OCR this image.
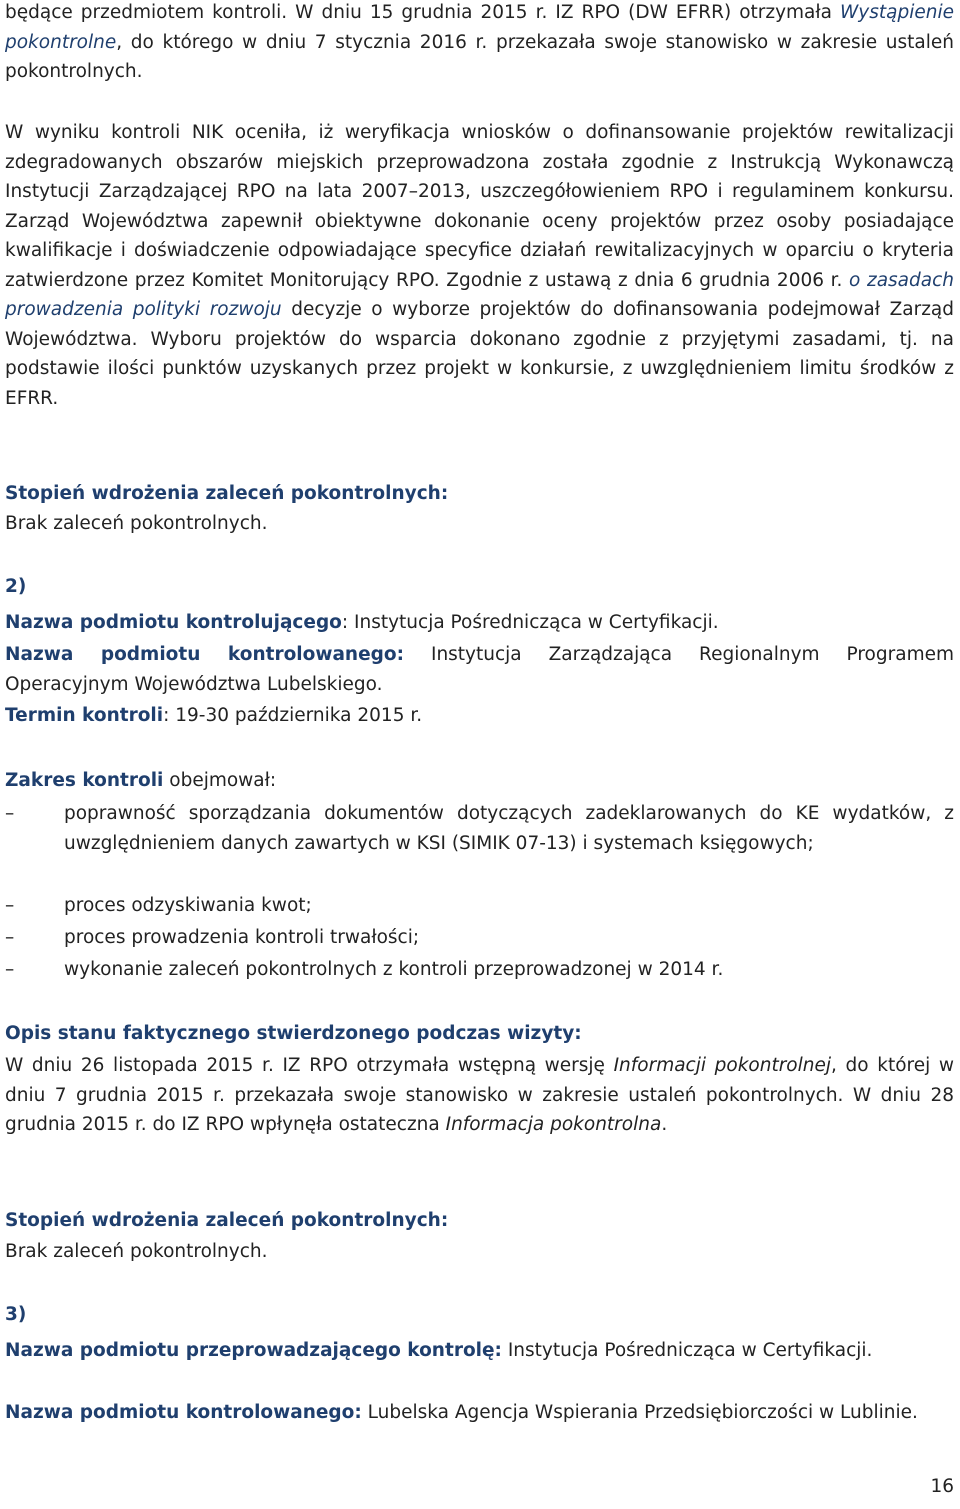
będące przedmiotem kontroli. W dniu 15 grudnia 2015 r. IZ RPO (DW EFRR) otrzymała Wystąpienie pokontrolne, do którego w dniu 7 stycznia 2016 r. przekazała swoje stanowisko w zakresie ustaleń pokontrolnych.

W wyniku kontroli NIK oceniła, iż weryfikacja wniosków o dofinansowanie projektów rewitalizacji zdegradowanych obszarów miejskich przeprowadzona została zgodnie z Instrukcją Wykonawczą Instytucji Zarządzającej RPO na lata 2007–2013, uszczegółowieniem RPO i regulaminem konkursu. Zarząd Województwa zapewnił obiektywne dokonanie oceny projektów przez osoby posiadające kwalifikacje i doświadczenie odpowiadające specyfice działań rewitalizacyjnych w oparciu o kryteria zatwierdzone przez Komitet Monitorujący RPO. Zgodnie z ustawą z dnia 6 grudnia 2006 r. o zasadach prowadzenia polityki rozwoju decyzje o wyborze projektów do dofinansowania podejmował Zarząd Województwa. Wyboru projektów do wsparcia dokonano zgodnie z przyjętymi zasadami, tj. na podstawie ilości punktów uzyskanych przez projekt w konkursie, z uwzględnieniem limitu środków z EFRR.

Stopień wdrożenia zaleceń pokontrolnych:
Brak zaleceń pokontrolnych.
2)
Nazwa podmiotu kontrolującego: Instytucja Pośrednicząca w Certyfikacji.
Nazwa podmiotu kontrolowanego: Instytucja Zarządzająca Regionalnym Programem Operacyjnym Województwa Lubelskiego.
Termin kontroli: 19-30 października 2015 r.
Zakres kontroli obejmował:
–	poprawność sporządzania dokumentów dotyczących zadeklarowanych do KE wydatków, z uwzględnieniem danych zawartych w KSI (SIMIK 07-13) i systemach księgowych;
–	proces odzyskiwania kwot;
–	proces prowadzenia kontroli trwałości;
–	wykonanie zaleceń pokontrolnych z kontroli przeprowadzonej w 2014 r.
Opis stanu faktycznego stwierdzonego podczas wizyty:

W dniu 26 listopada 2015 r. IZ RPO otrzymała wstępną wersję Informacji pokontrolnej, do której w dniu 7 grudnia 2015 r. przekazała swoje stanowisko w zakresie ustaleń pokontrolnych. W dniu 28 grudnia 2015 r. do IZ RPO wpłynęła ostateczna Informacja pokontrolna.

Stopień wdrożenia zaleceń pokontrolnych:
Brak zaleceń pokontrolnych.
3)
Nazwa podmiotu przeprowadzającego kontrolę: Instytucja Pośrednicząca w Certyfikacji.
Nazwa podmiotu kontrolowanego: Lubelska Agencja Wspierania Przedsiębiorczości w Lublinie.
16
